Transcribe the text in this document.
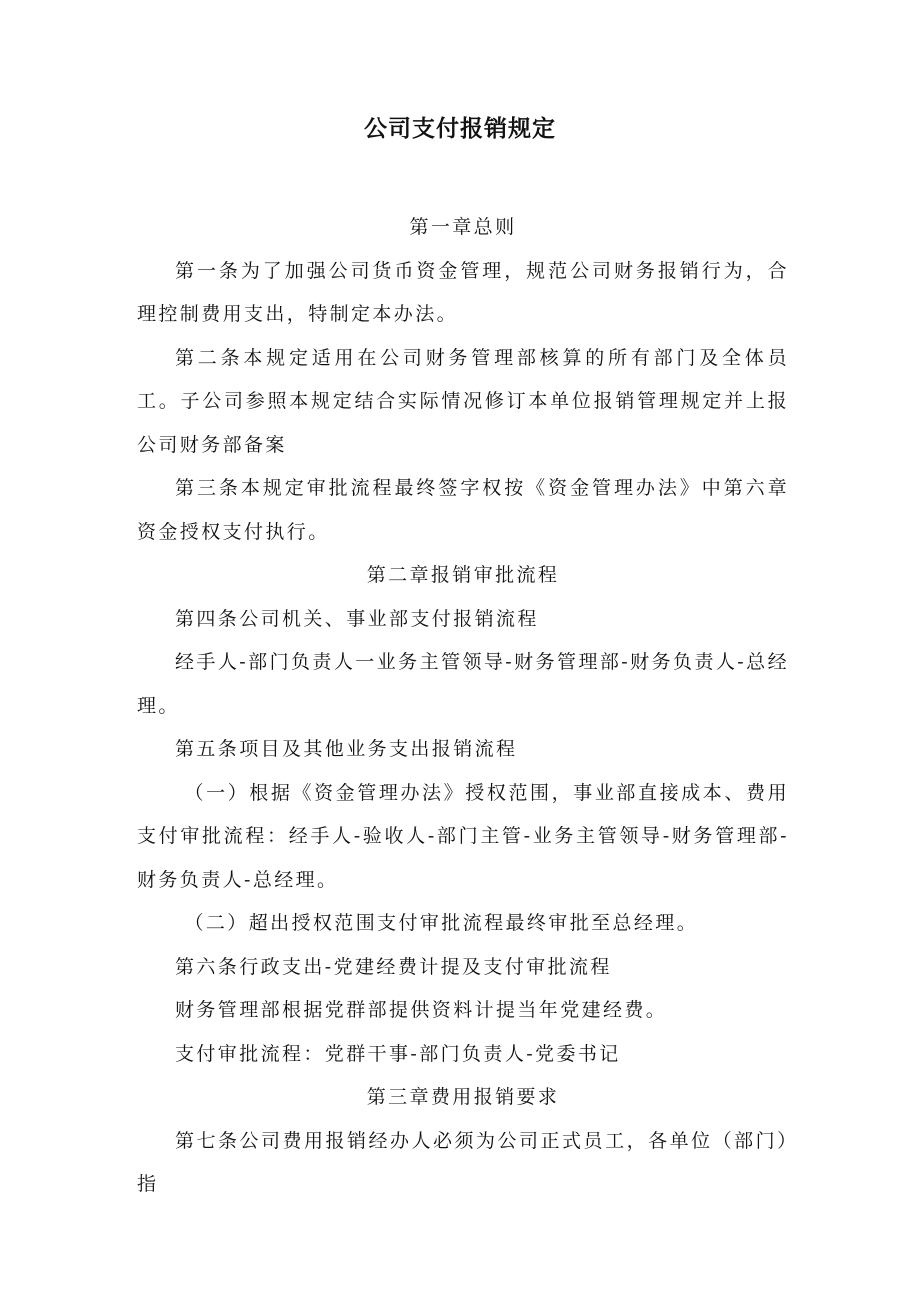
公司支付报销规定

第一章总则

第一条为了加强公司货币资金管理，规范公司财务报销行为，合理控制费用支出，特制定本办法。

第二条本规定适用在公司财务管理部核算的所有部门及全体员工。子公司参照本规定结合实际情况修订本单位报销管理规定并上报公司财务部备案

第三条本规定审批流程最终签字权按《资金管理办法》中第六章资金授权支付执行。

第二章报销审批流程

第四条公司机关、事业部支付报销流程

经手人-部门负责人一业务主管领导-财务管理部-财务负责人-总经理。

第五条项目及其他业务支出报销流程

（一）根据《资金管理办法》授权范围，事业部直接成本、费用支付审批流程：经手人-验收人-部门主管-业务主管领导-财务管理部-财务负责人-总经理。

（二）超出授权范围支付审批流程最终审批至总经理。

第六条行政支出-党建经费计提及支付审批流程

财务管理部根据党群部提供资料计提当年党建经费。

支付审批流程：党群干事-部门负责人-党委书记

第三章费用报销要求

第七条公司费用报销经办人必须为公司正式员工，各单位（部门）指
